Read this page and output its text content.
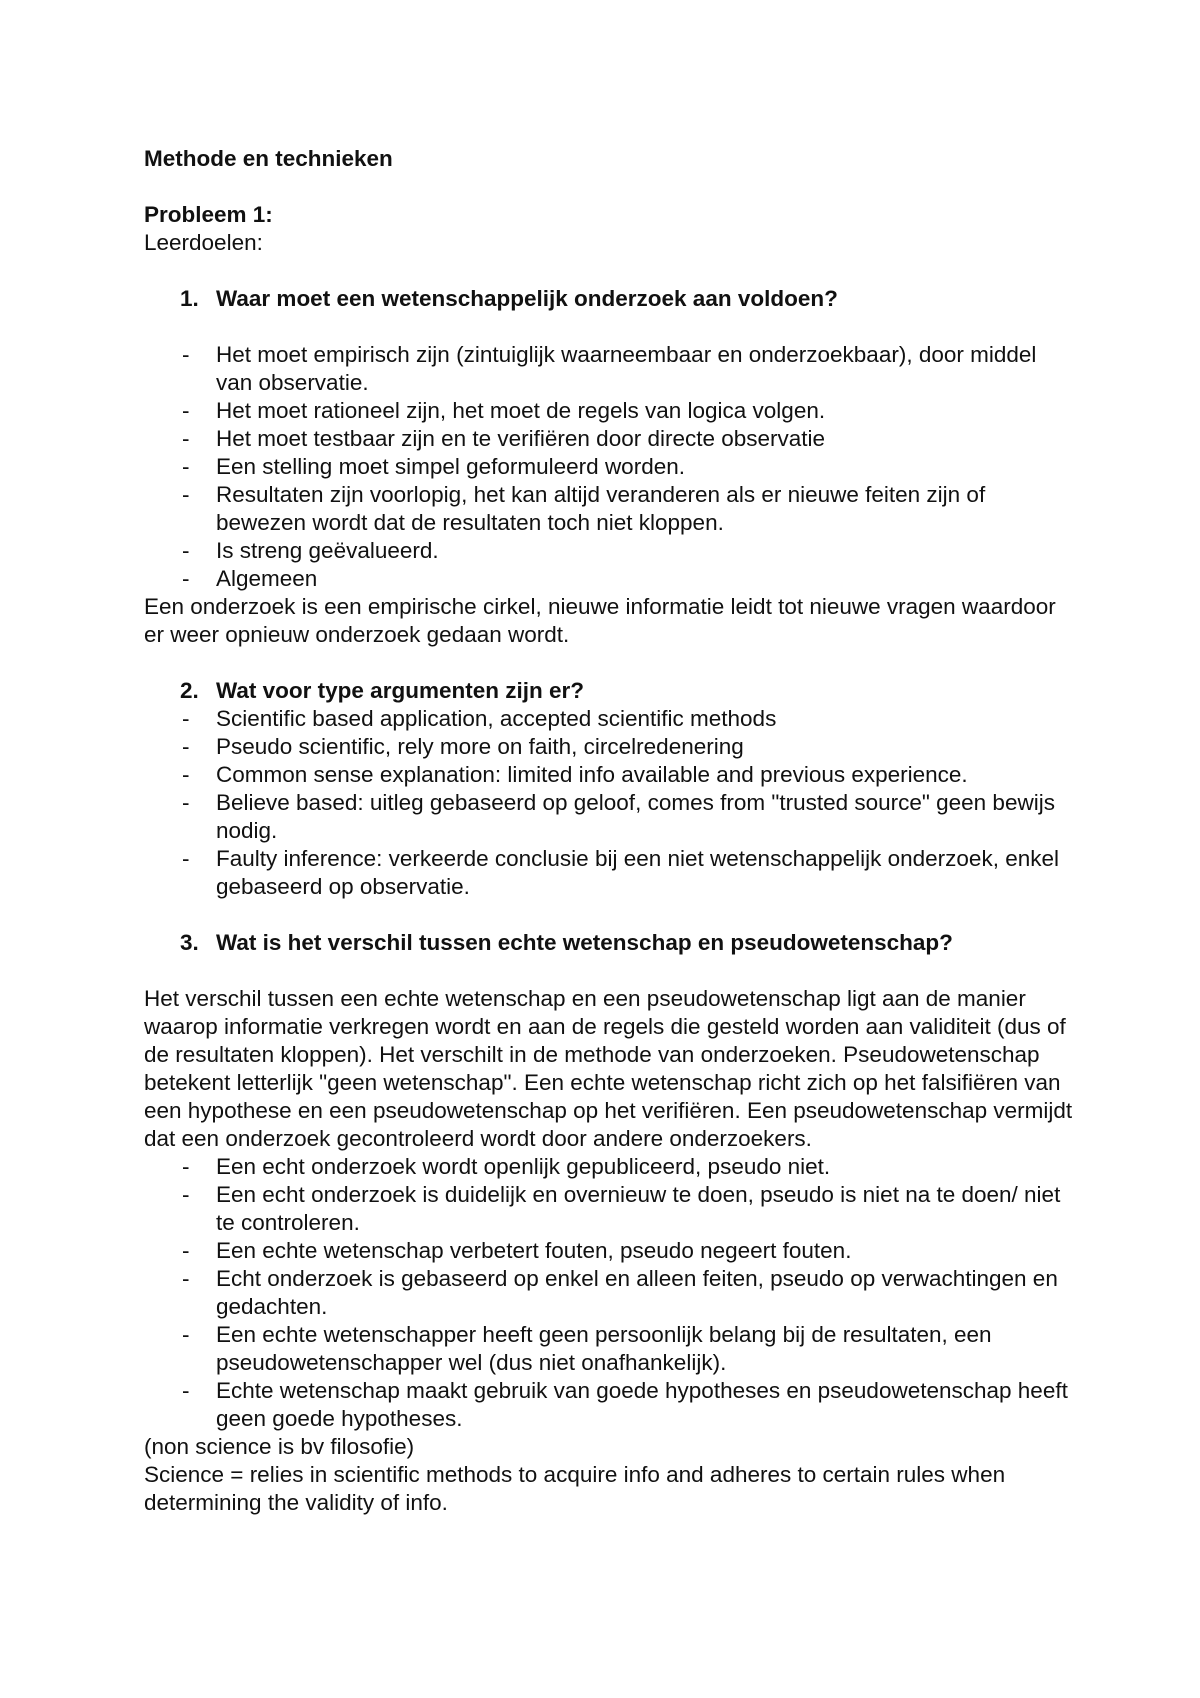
Methode en technieken

Probleem 1:

Leerdoelen:

1. Waar moet een wetenschappelijk onderzoek aan voldoen?
-	Het moet empirisch zijn (zintuiglijk waarneembaar en onderzoekbaar), door middel van observatie.
-	Het moet rationeel zijn, het moet de regels van logica volgen.
-	Het moet testbaar zijn en te verifiëren door directe observatie
-	Een stelling moet simpel geformuleerd worden.
-	Resultaten zijn voorlopig, het kan altijd veranderen als er nieuwe feiten zijn of bewezen wordt dat de resultaten toch niet kloppen.
-	Is streng geëvalueerd.
-	Algemeen

Een onderzoek is een empirische cirkel, nieuwe informatie leidt tot nieuwe vragen waardoor er weer opnieuw onderzoek gedaan wordt.

2. Wat voor type argumenten zijn er?
-	Scientific based application, accepted scientific methods
-	Pseudo scientific, rely more on faith, circelredenering
-	Common sense explanation: limited info available and previous experience.
-	Believe based: uitleg gebaseerd op geloof, comes from "trusted source" geen bewijs nodig.
-	Faulty inference: verkeerde conclusie bij een niet wetenschappelijk onderzoek, enkel gebaseerd op observatie.
3. Wat is het verschil tussen echte wetenschap en pseudowetenschap?

Het verschil tussen een echte wetenschap en een pseudowetenschap ligt aan de manier waarop informatie verkregen wordt en aan de regels die gesteld worden aan validiteit (dus of de resultaten kloppen). Het verschilt in de methode van onderzoeken. Pseudowetenschap betekent letterlijk "geen wetenschap". Een echte wetenschap richt zich op het falsifiëren van een hypothese en een pseudowetenschap op het verifiëren. Een pseudowetenschap vermijdt dat een onderzoek gecontroleerd wordt door andere onderzoekers.

-	Een echt onderzoek wordt openlijk gepubliceerd, pseudo niet.
-	Een echt onderzoek is duidelijk en overnieuw te doen, pseudo is niet na te doen/ niet te controleren.
-	Een echte wetenschap verbetert fouten, pseudo negeert fouten.
-	Echt onderzoek is gebaseerd op enkel en alleen feiten, pseudo op verwachtingen en gedachten.
-	Een echte wetenschapper heeft geen persoonlijk belang bij de resultaten, een pseudowetenschapper wel (dus niet onafhankelijk).
-	Echte wetenschap maakt gebruik van goede hypotheses en pseudowetenschap heeft geen goede hypotheses.

(non science is bv filosofie)

Science = relies in scientific methods to acquire info and adheres to certain rules when determining the validity of info.
